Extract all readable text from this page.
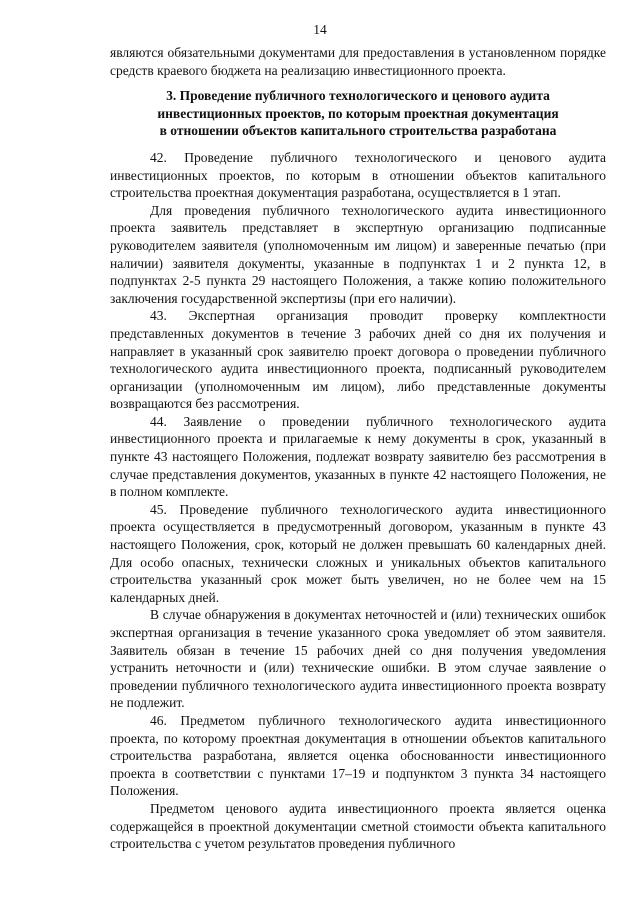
14

являются обязательными документами для предоставления в установленном порядке средств краевого бюджета на реализацию инвестиционного проекта.

3. Проведение публичного технологического и ценового аудита
инвестиционных проектов, по которым проектная документация
в отношении объектов капитального строительства разработана

42. Проведение публичного технологического и ценового аудита инвестиционных проектов, по которым в отношении объектов капитального строительства проектная документация разработана, осуществляется в 1 этап.

Для проведения публичного технологического аудита инвестиционного проекта заявитель представляет в экспертную организацию подписанные руководителем заявителя (уполномоченным им лицом) и заверенные печатью (при наличии) заявителя документы, указанные в подпунктах 1 и 2 пункта 12, в подпунктах 2-5 пункта 29 настоящего Положения, а также копию положительного заключения государственной экспертизы (при его наличии).

43. Экспертная организация проводит проверку комплектности представленных документов в течение 3 рабочих дней со дня их получения и направляет в указанный срок заявителю проект договора о проведении публичного технологического аудита инвестиционного проекта, подписанный руководителем организации (уполномоченным им лицом), либо представленные документы возвращаются без рассмотрения.

44. Заявление о проведении публичного технологического аудита инвестиционного проекта и прилагаемые к нему документы в срок, указанный в пункте 43 настоящего Положения, подлежат возврату заявителю без рассмотрения в случае представления документов, указанных в пункте 42 настоящего Положения, не в полном комплекте.

45. Проведение публичного технологического аудита инвестиционного проекта осуществляется в предусмотренный договором, указанным в пункте 43 настоящего Положения, срок, который не должен превышать 60 календарных дней. Для особо опасных, технически сложных и уникальных объектов капитального строительства указанный срок может быть увеличен, но не более чем на 15 календарных дней.

В случае обнаружения в документах неточностей и (или) технических ошибок экспертная организация в течение указанного срока уведомляет об этом заявителя. Заявитель обязан в течение 15 рабочих дней со дня получения уведомления устранить неточности и (или) технические ошибки. В этом случае заявление о проведении публичного технологического аудита инвестиционного проекта возврату не подлежит.

46. Предметом публичного технологического аудита инвестиционного проекта, по которому проектная документация в отношении объектов капитального строительства разработана, является оценка обоснованности инвестиционного проекта в соответствии с пунктами 17–19 и подпунктом 3 пункта 34 настоящего Положения.

Предметом ценового аудита инвестиционного проекта является оценка содержащейся в проектной документации сметной стоимости объекта капитального строительства с учетом результатов проведения публичного
